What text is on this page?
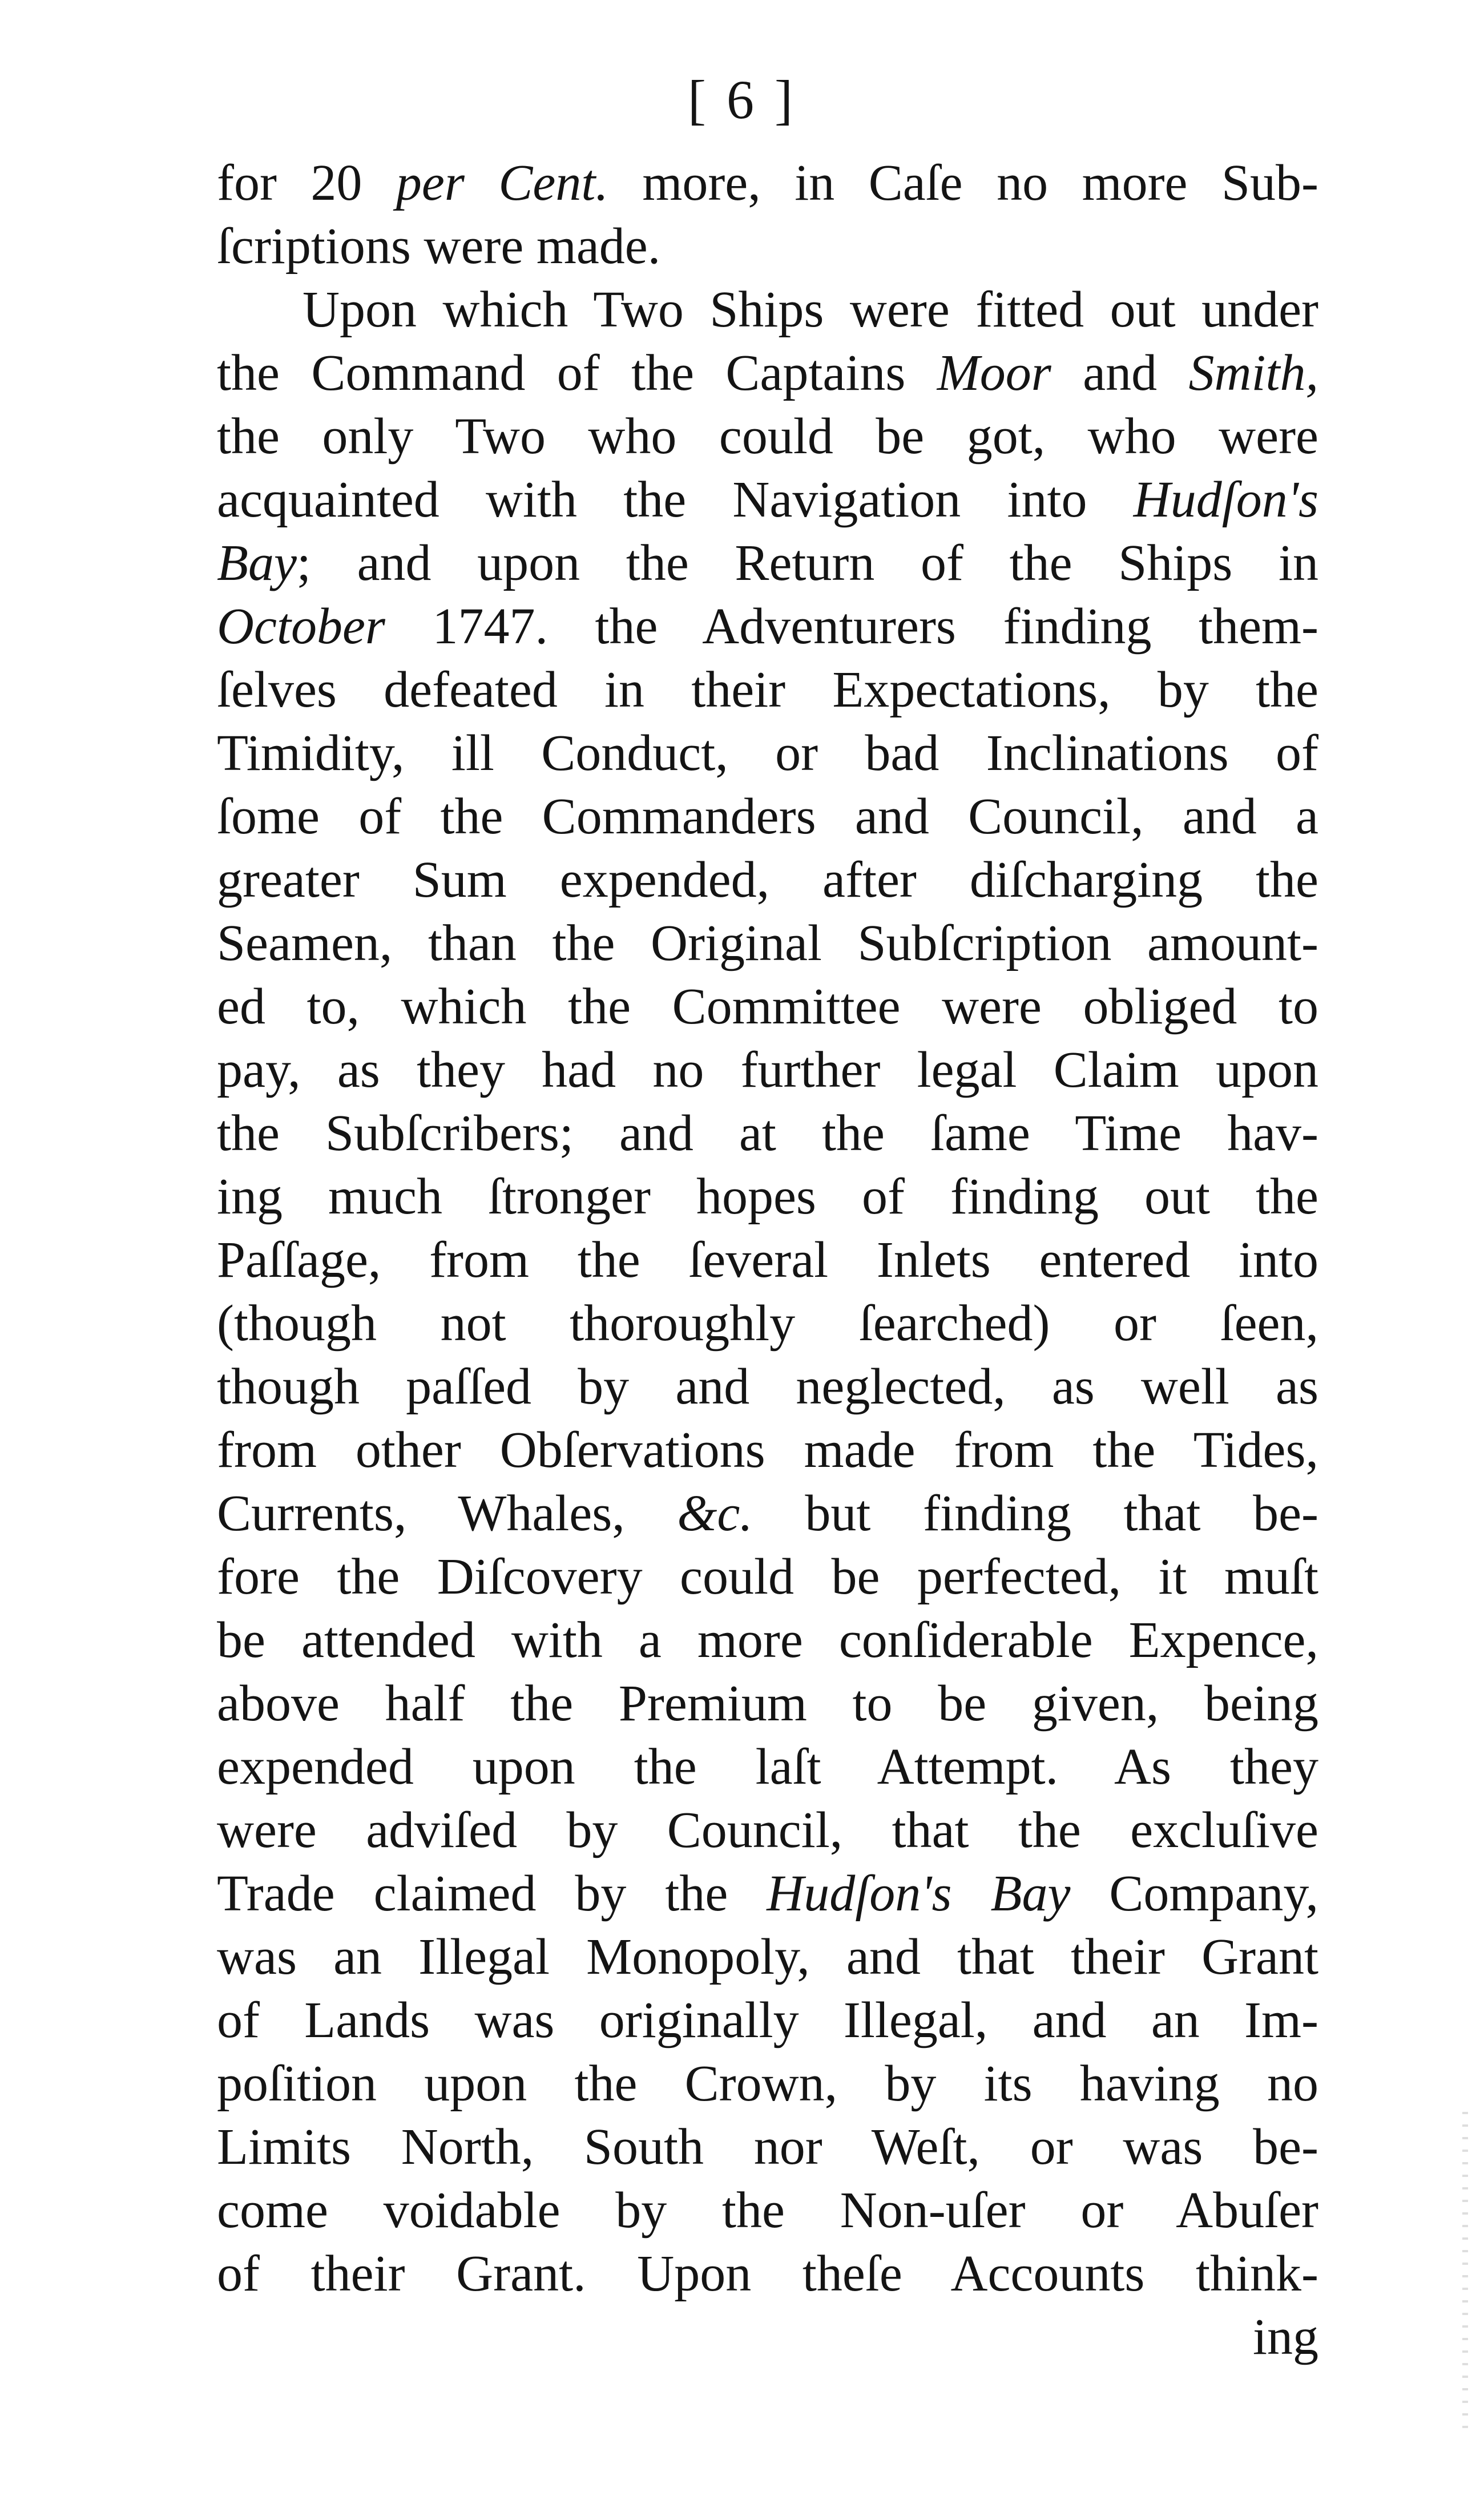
[ 6 ]
for 20 per Cent. more, in Caſe no more Sub-
ſcriptions were made.
Upon which Two Ships were fitted out under
the Command of the Captains Moor and Smith,
the only Two who could be got, who were
acquainted with the Navigation into Hudſon's
Bay; and upon the Return of the Ships in
October 1747. the Adventurers finding them-
ſelves defeated in their Expectations, by the
Timidity, ill Conduct, or bad Inclinations of
ſome of the Commanders and Council, and a
greater Sum expended, after diſcharging the
Seamen, than the Original Subſcription amount-
ed to, which the Committee were obliged to
pay, as they had no further legal Claim upon
the Subſcribers; and at the ſame Time hav-
ing much ſtronger hopes of finding out the
Paſſage, from the ſeveral Inlets entered into
(though not thoroughly ſearched) or ſeen,
though paſſed by and neglected, as well as
from other Obſervations made from the Tides,
Currents, Whales, &c. but finding that be-
fore the Diſcovery could be perfected, it muſt
be attended with a more conſiderable Expence,
above half the Premium to be given, being
expended upon the laſt Attempt. As they
were adviſed by Council, that the excluſive
Trade claimed by the Hudſon's Bay Company,
was an Illegal Monopoly, and that their Grant
of Lands was originally Illegal, and an Im-
poſition upon the Crown, by its having no
Limits North, South nor Weſt, or was be-
come voidable by the Non-uſer or Abuſer
of their Grant. Upon theſe Accounts think-
ing
